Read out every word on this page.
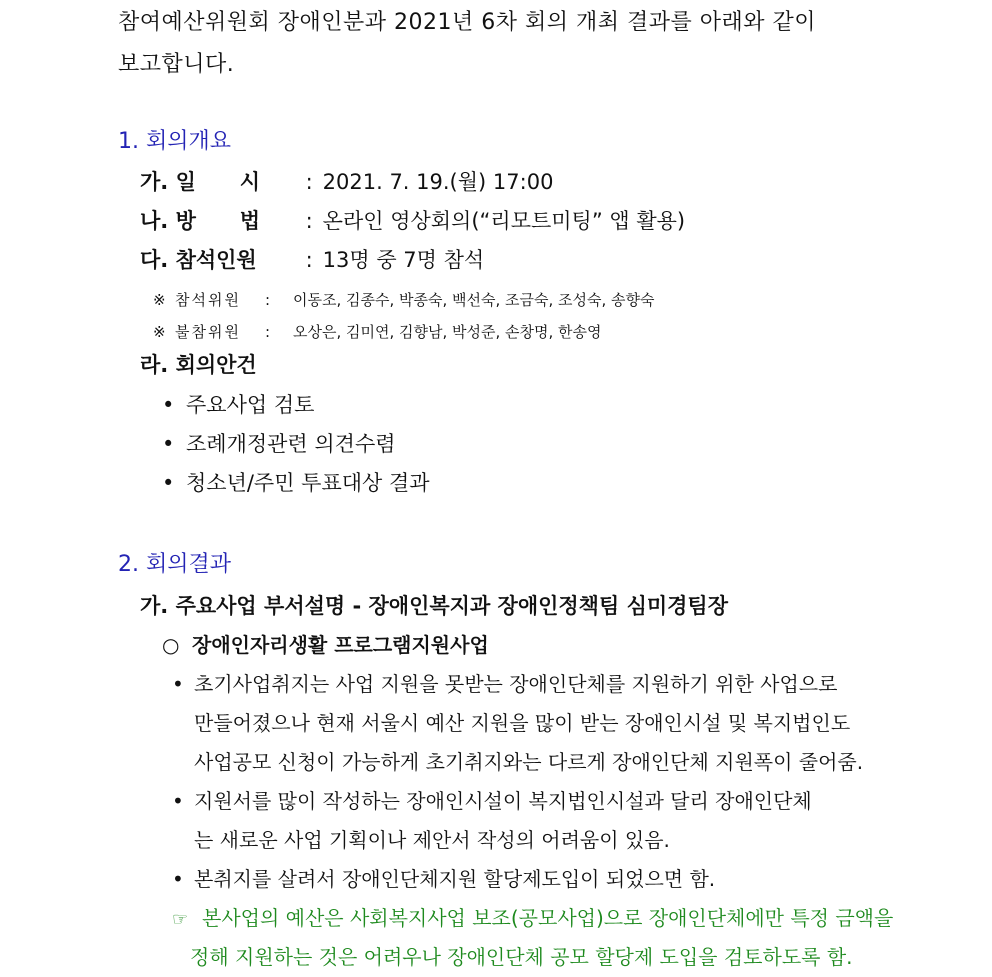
참여예산위원회 장애인분과 2021년 6차 회의 개최 결과를 아래와 같이
보고합니다.
1. 회의개요
가. 일      시 : 2021. 7. 19.(월) 17:00
나. 방      법 : 온라인 영상회의(“리모트미팅” 앱 활용)
다. 참석인원 : 13명 중 7명 참석
※ 참석위원 : 이동조, 김종수, 박종숙, 백선숙, 조금숙, 조성숙, 송향숙
※ 불참위원 : 오상은, 김미연, 김향남, 박성준, 손창명, 한송영
라. 회의안건
• 주요사업 검토
• 조례개정관련 의견수렴
• 청소년/주민 투표대상 결과
2. 회의결과
가. 주요사업 부서설명 - 장애인복지과 장애인정책팀 심미경팀장
○ 장애인자리생활 프로그램지원사업
• 초기사업취지는 사업 지원을 못받는 장애인단체를 지원하기 위한 사업으로
만들어졌으나 현재 서울시 예산 지원을 많이 받는 장애인시설 및 복지법인도
사업공모 신청이 가능하게 초기취지와는 다르게 장애인단체 지원폭이 줄어줌.
• 지원서를 많이 작성하는 장애인시설이 복지법인시설과 달리 장애인단체
는 새로운 사업 기획이나 제안서 작성의 어려움이 있음.
• 본취지를 살려서 장애인단체지원 할당제도입이 되었으면 함.
☞ 본사업의 예산은 사회복지사업 보조(공모사업)으로 장애인단체에만 특정 금액을
정해 지원하는 것은 어려우나 장애인단체 공모 할당제 도입을 검토하도록 함.
